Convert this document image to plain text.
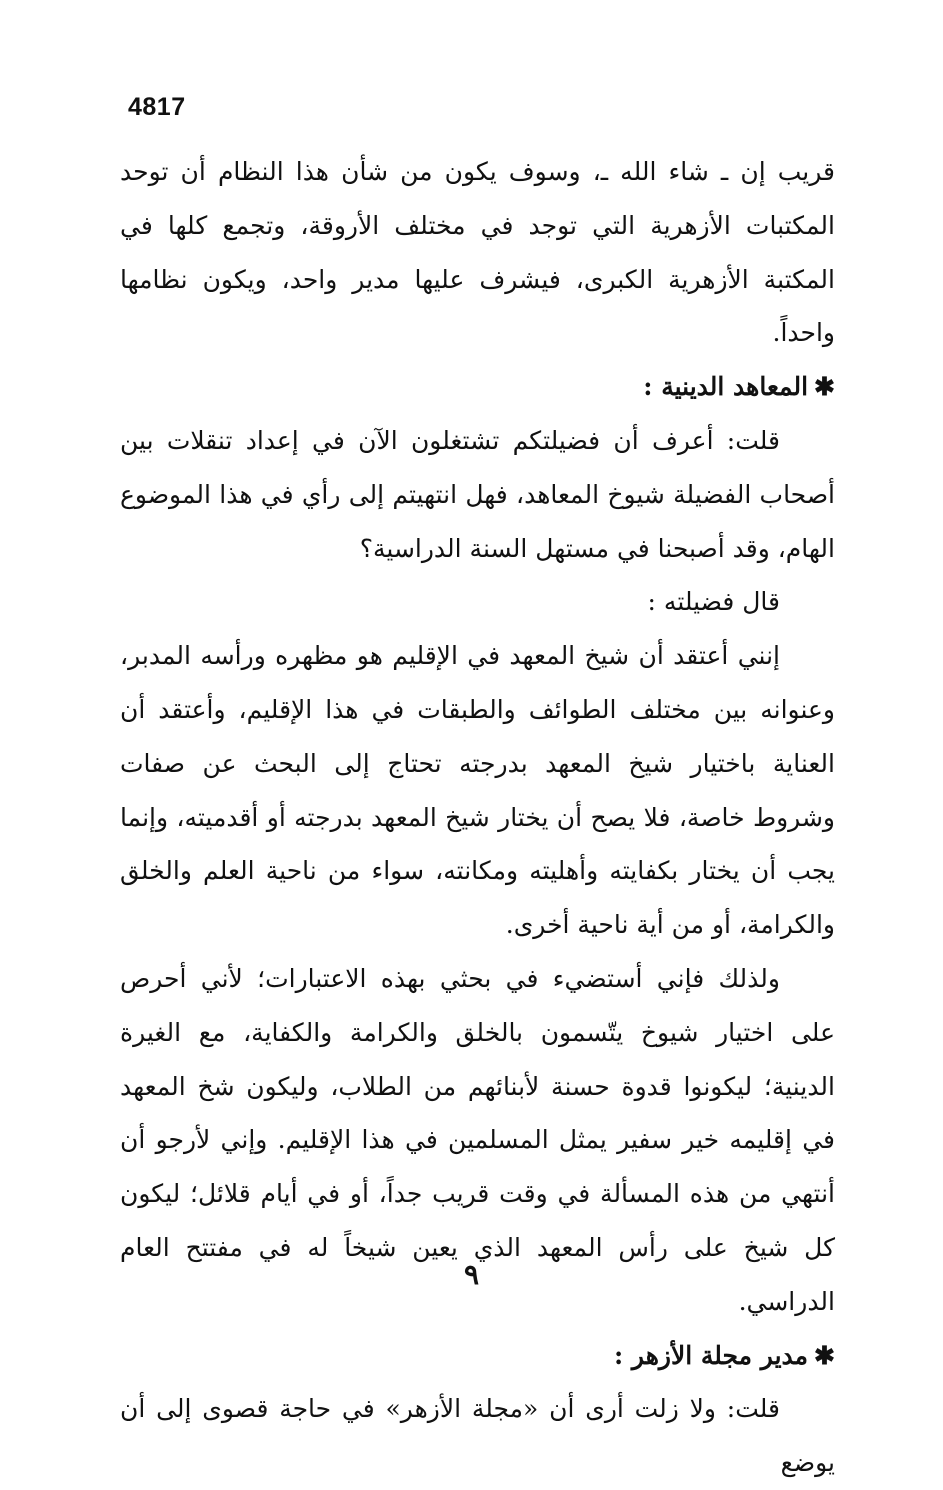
4817

قريب إن ـ شاء الله ـ، وسوف يكون من شأن هذا النظام أن توحد المكتبات الأزهرية التي توجد في مختلف الأروقة، وتجمع كلها في المكتبة الأزهرية الكبرى، فيشرف عليها مدير واحد، ويكون نظامها واحداً.

✱المعاهد الدينية :

قلت: أعرف أن فضيلتكم تشتغلون الآن في إعداد تنقلات بين أصحاب الفضيلة شيوخ المعاهد، فهل انتهيتم إلى رأي في هذا الموضوع الهام، وقد أصبحنا في مستهل السنة الدراسية؟

قال فضيلته :

إنني أعتقد أن شيخ المعهد في الإقليم هو مظهره ورأسه المدبر، وعنوانه بين مختلف الطوائف والطبقات في هذا الإقليم، وأعتقد أن العناية باختيار شيخ المعهد بدرجته تحتاج إلى البحث عن صفات وشروط خاصة، فلا يصح أن يختار شيخ المعهد بدرجته أو أقدميته، وإنما يجب أن يختار بكفايته وأهليته ومكانته، سواء من ناحية العلم والخلق والكرامة، أو من أية ناحية أخرى.

ولذلك فإني أستضيء في بحثي بهذه الاعتبارات؛ لأني أحرص على اختيار شيوخ يتّسمون بالخلق والكرامة والكفاية، مع الغيرة الدينية؛ ليكونوا قدوة حسنة لأبنائهم من الطلاب، وليكون شخ المعهد في إقليمه خير سفير يمثل المسلمين في هذا الإقليم. وإني لأرجو أن أنتهي من هذه المسألة في وقت قريب جداً، أو في أيام قلائل؛ ليكون كل شيخ على رأس المعهد الذي يعين شيخاً له في مفتتح العام الدراسي.

✱مدير مجلة الأزهر :

قلت: ولا زلت أرى أن «مجلة الأزهر» في حاجة قصوى إلى أن يوضع

٩
